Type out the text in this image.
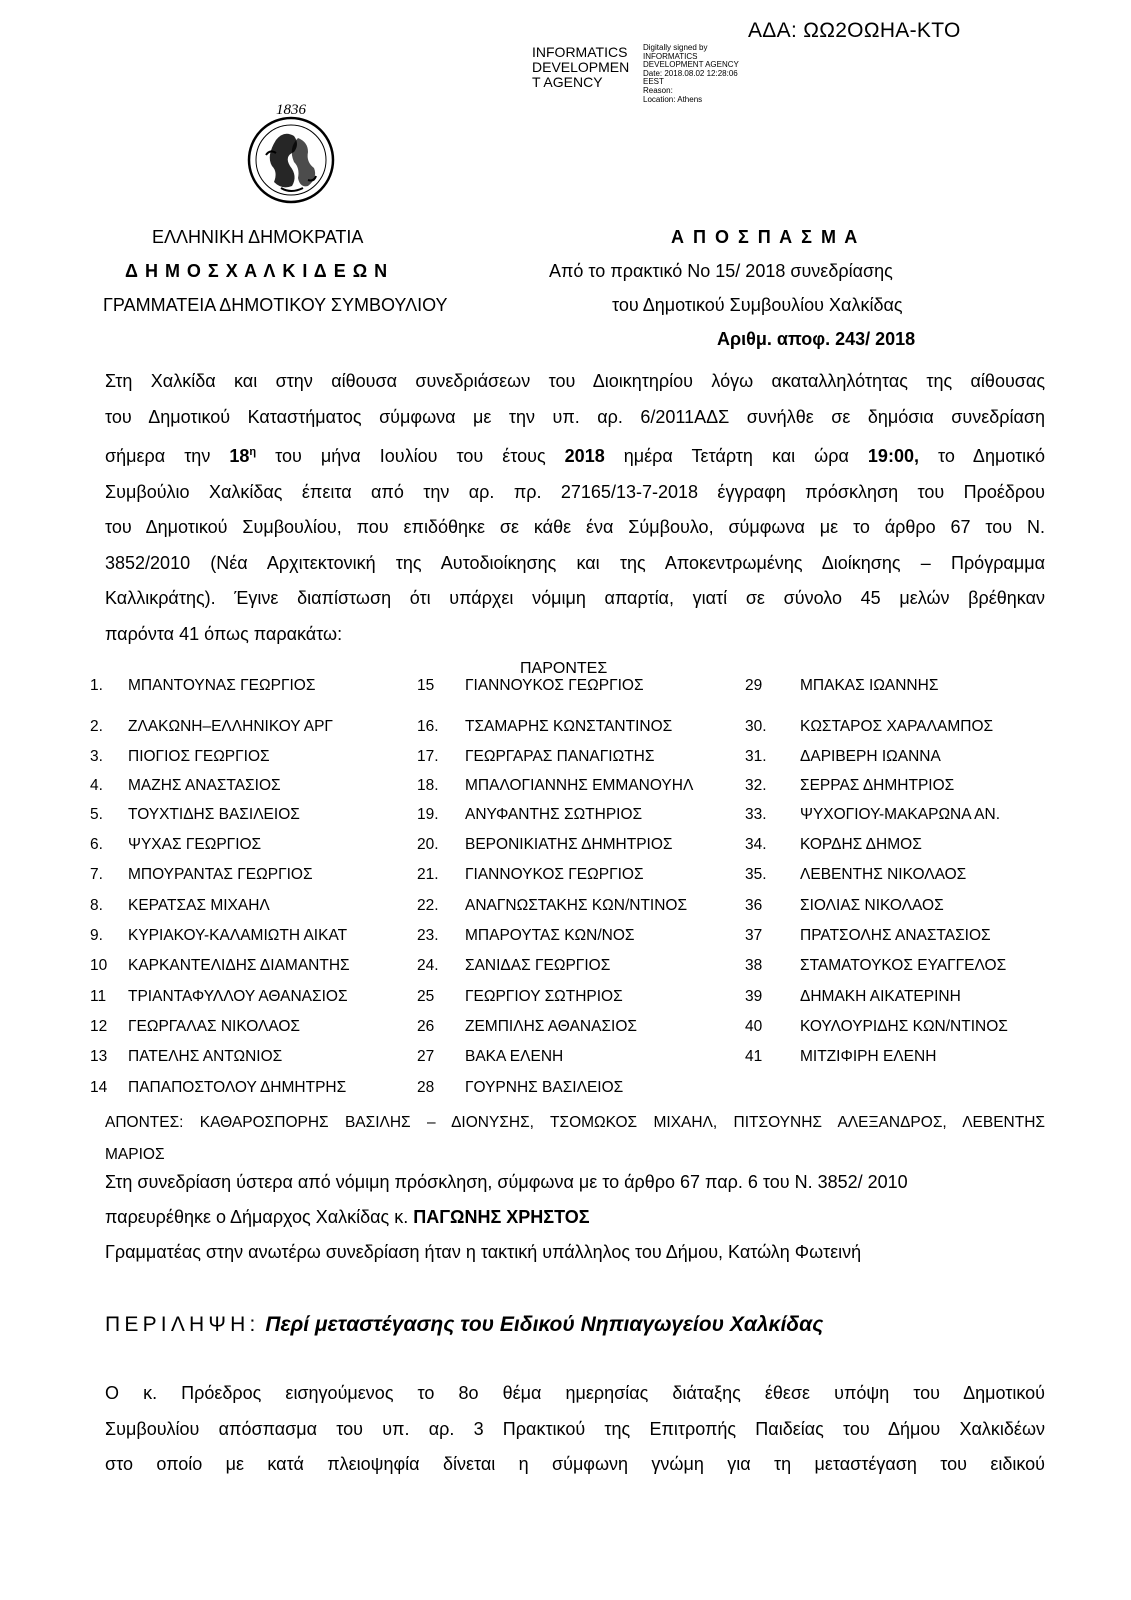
ΑΔΑ: ΩΩ2ΟΩΗΑ-ΚΤΟ
INFORMATICS
DEVELOPMEN
T AGENCY
Digitally signed by
INFORMATICS
DEVELOPMENT AGENCY
Date: 2018.08.02 12:28:06
EEST
Reason:
Location: Athens
1836
ΕΛΛΗΝΙΚΗ ΔΗΜΟΚΡΑΤΙΑ
Δ Η Μ Ο Σ Χ Α Λ Κ Ι Δ Ε Ω Ν
ΓΡΑΜΜΑΤΕΙΑ ΔΗΜΟΤΙΚΟΥ ΣΥΜΒΟΥΛΙΟΥ
Α Π Ο Σ Π Α Σ Μ Α
Από το πρακτικό Νο 15/ 2018 συνεδρίασης
του Δημοτικού Συμβουλίου Χαλκίδας
Αριθμ. αποφ. 243/ 2018
Στη Χαλκίδα και στην αίθουσα συνεδριάσεων του Διοικητηρίου λόγω ακαταλληλότητας της αίθουσας
του Δημοτικού Καταστήματος σύμφωνα με την υπ. αρ. 6/2011ΑΔΣ συνήλθε σε δημόσια συνεδρίαση
σήμερα την $18^\eta$ του μήνα Ιουλίου του έτους 2018 ημέρα Τετάρτη και ώρα 19:00, το Δημοτικό
Συμβούλιο Χαλκίδας έπειτα από την αρ. πρ. 27165/13-7-2018 έγγραφη πρόσκληση του Προέδρου
του Δημοτικού Συμβουλίου, που επιδόθηκε σε κάθε ένα Σύμβουλο, σύμφωνα με το άρθρο 67 του Ν.
3852/2010 (Νέα Αρχιτεκτονική της Αυτοδιοίκησης και της Αποκεντρωμένης Διοίκησης – Πρόγραμμα
Καλλικράτης). Έγινε διαπίστωση ότι υπάρχει νόμιμη απαρτία, γιατί σε σύνολο 45 μελών βρέθηκαν
παρόντα 41 όπως παρακάτω:
ΠΑΡΟΝΤΕΣ
1. ΜΠΑΝΤΟΥΝΑΣ ΓΕΩΡΓΙΟΣ
2. ΖΛΑΚΩΝΗ–ΕΛΛΗΝΙΚΟΥ ΑΡΓ
3. ΠΙΟΓΙΟΣ ΓΕΩΡΓΙΟΣ
4. ΜΑΖΗΣ ΑΝΑΣΤΑΣΙΟΣ
5. ΤΟΥΧΤΙΔΗΣ ΒΑΣΙΛΕΙΟΣ
6. ΨΥΧΑΣ ΓΕΩΡΓΙΟΣ
7. ΜΠΟΥΡΑΝΤΑΣ ΓΕΩΡΓΙΟΣ
8. ΚΕΡΑΤΣΑΣ ΜΙΧΑΗΛ
9. ΚΥΡΙΑΚΟΥ-ΚΑΛΑΜΙΩΤΗ ΑΙΚΑΤ
10 ΚΑΡΚΑΝΤΕΛΙΔΗΣ ΔΙΑΜΑΝΤΗΣ
11 ΤΡΙΑΝΤΑΦΥΛΛΟΥ ΑΘΑΝΑΣΙΟΣ
12 ΓΕΩΡΓΑΛΑΣ ΝΙΚΟΛΑΟΣ
13 ΠΑΤΕΛΗΣ ΑΝΤΩΝΙΟΣ
14 ΠΑΠΑΠΟΣΤΟΛΟΥ ΔΗΜΗΤΡΗΣ
15 ΓΙΑΝΝΟΥΚΟΣ ΓΕΩΡΓΙΟΣ
16. ΤΣΑΜΑΡΗΣ ΚΩΝΣΤΑΝΤΙΝΟΣ
17. ΓΕΩΡΓΑΡΑΣ ΠΑΝΑΓΙΩΤΗΣ
18. ΜΠΑΛΟΓΙΑΝΝΗΣ ΕΜΜΑΝΟΥΗΛ
19. ΑΝΥΦΑΝΤΗΣ ΣΩΤΗΡΙΟΣ
20. ΒΕΡΟΝΙΚΙΑΤΗΣ ΔΗΜΗΤΡΙΟΣ
21. ΓΙΑΝΝΟΥΚΟΣ ΓΕΩΡΓΙΟΣ
22. ΑΝΑΓΝΩΣΤΑΚΗΣ ΚΩΝ/ΝΤΙΝΟΣ
23. ΜΠΑΡΟΥΤΑΣ ΚΩΝ/ΝΟΣ
24. ΣΑΝΙΔΑΣ ΓΕΩΡΓΙΟΣ
25 ΓΕΩΡΓΙΟΥ ΣΩΤΗΡΙΟΣ
26 ΖΕΜΠΙΛΗΣ ΑΘΑΝΑΣΙΟΣ
27 ΒΑΚΑ ΕΛΕΝΗ
28 ΓΟΥΡΝΗΣ ΒΑΣΙΛΕΙΟΣ
29 ΜΠΑΚΑΣ ΙΩΑΝΝΗΣ
30. ΚΩΣΤΑΡΟΣ ΧΑΡΑΛΑΜΠΟΣ
31. ΔΑΡΙΒΕΡΗ ΙΩΑΝΝΑ
32. ΣΕΡΡΑΣ ΔΗΜΗΤΡΙΟΣ
33. ΨΥΧΟΓΙΟΥ-ΜΑΚΑΡΩΝΑ ΑΝ.
34. ΚΟΡΔΗΣ ΔΗΜΟΣ
35. ΛΕΒΕΝΤΗΣ ΝΙΚΟΛΑΟΣ
36 ΣΙΟΛΙΑΣ ΝΙΚΟΛΑΟΣ
37 ΠΡΑΤΣΟΛΗΣ ΑΝΑΣΤΑΣΙΟΣ
38 ΣΤΑΜΑΤΟΥΚΟΣ ΕΥΑΓΓΕΛΟΣ
39 ΔΗΜΑΚΗ ΑΙΚΑΤΕΡΙΝΗ
40 ΚΟΥΛΟΥΡΙΔΗΣ ΚΩΝ/ΝΤΙΝΟΣ
41 ΜΙΤΖΙΦΙΡΗ ΕΛΕΝΗ
ΑΠΟΝΤΕΣ: ΚΑΘΑΡΟΣΠΟΡΗΣ ΒΑΣΙΛΗΣ – ΔΙΟΝΥΣΗΣ, ΤΣΟΜΩΚΟΣ ΜΙΧΑΗΛ, ΠΙΤΣΟΥΝΗΣ ΑΛΕΞΑΝΔΡΟΣ, ΛΕΒΕΝΤΗΣ
ΜΑΡΙΟΣ
Στη συνεδρίαση ύστερα από νόμιμη πρόσκληση, σύμφωνα με το άρθρο 67 παρ. 6 του Ν. 3852/ 2010
παρευρέθηκε ο Δήμαρχος Χαλκίδας κ. ΠΑΓΩΝΗΣ ΧΡΗΣΤΟΣ
Γραμματέας στην ανωτέρω συνεδρίαση ήταν η τακτική υπάλληλος του Δήμου, Κατώλη Φωτεινή
ΠΕΡΙΛΗΨΗ: Περί μεταστέγασης του Ειδικού Νηπιαγωγείου Χαλκίδας
Ο κ. Πρόεδρος εισηγούμενος το 8ο θέμα ημερησίας διάταξης έθεσε υπόψη του Δημοτικού
Συμβουλίου απόσπασμα του υπ. αρ. 3 Πρακτικού της Επιτροπής Παιδείας του Δήμου Χαλκιδέων
στο οποίο με κατά πλειοψηφία δίνεται η σύμφωνη γνώμη για τη μεταστέγαση του ειδικού
